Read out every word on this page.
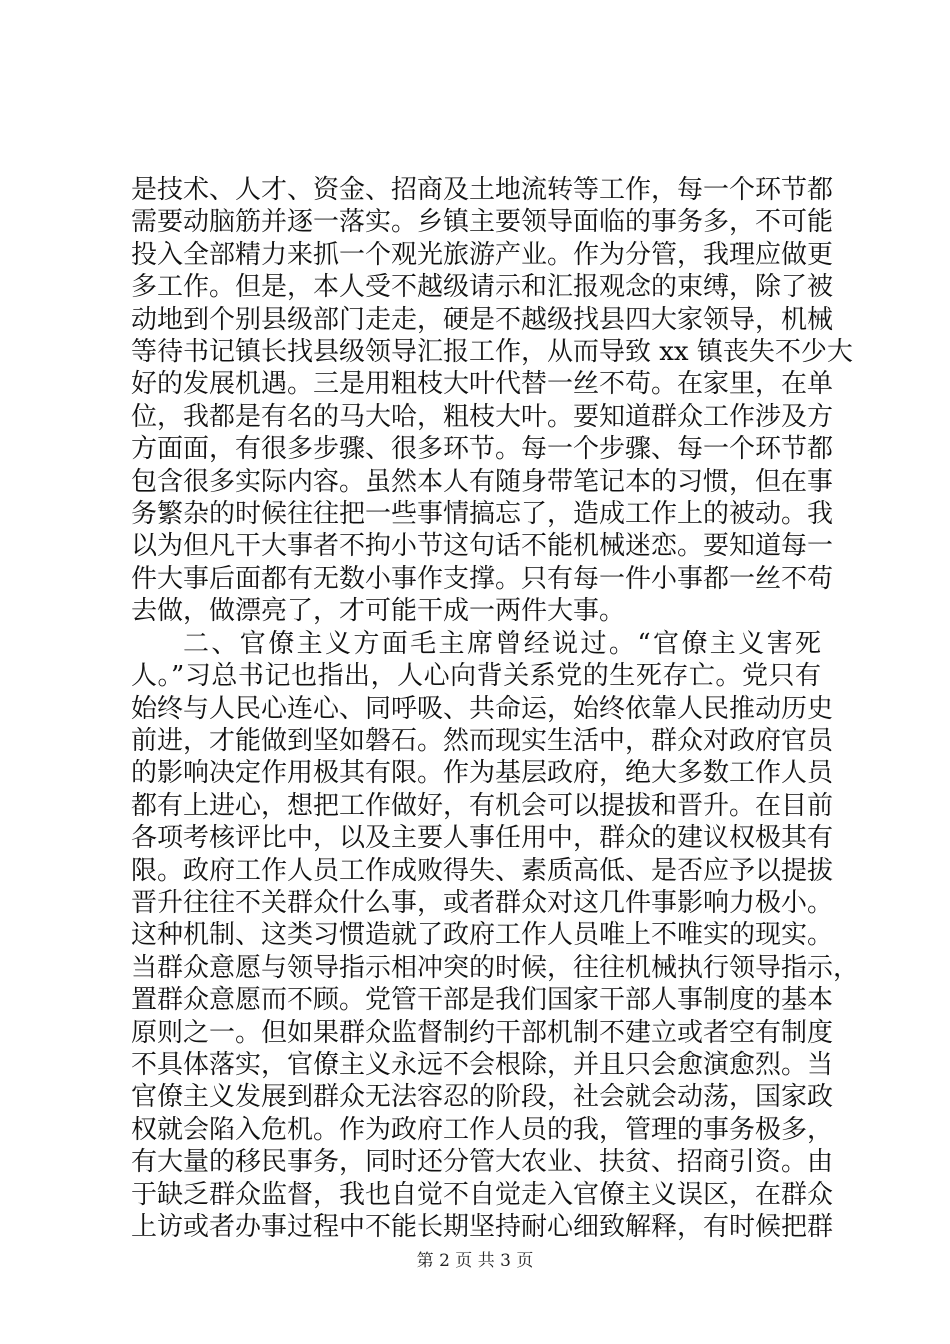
是技术、人才、资金、招商及土地流转等工作，每一个环节都
需要动脑筋并逐一落实。乡镇主要领导面临的事务多，不可能
投入全部精力来抓一个观光旅游产业。作为分管，我理应做更
多工作。但是，本人受不越级请示和汇报观念的束缚，除了被
动地到个别县级部门走走，硬是不越级找县四大家领导，机械
等待书记镇长找县级领导汇报工作，从而导致 xx 镇丧失不少大
好的发展机遇。三是用粗枝大叶代替一丝不苟。在家里，在单
位，我都是有名的马大哈，粗枝大叶。要知道群众工作涉及方
方面面，有很多步骤、很多环节。每一个步骤、每一个环节都
包含很多实际内容。虽然本人有随身带笔记本的习惯，但在事
务繁杂的时候往往把一些事情搞忘了，造成工作上的被动。我
以为但凡干大事者不拘小节这句话不能机械迷恋。要知道每一
件大事后面都有无数小事作支撑。只有每一件小事都一丝不苟
去做，做漂亮了，才可能干成一两件大事。
二、官僚主义方面毛主席曾经说过。“官僚主义害死
人。”习总书记也指出，人心向背关系党的生死存亡。党只有
始终与人民心连心、同呼吸、共命运，始终依靠人民推动历史
前进，才能做到坚如磐石。然而现实生活中，群众对政府官员
的影响决定作用极其有限。作为基层政府，绝大多数工作人员
都有上进心，想把工作做好，有机会可以提拔和晋升。在目前
各项考核评比中，以及主要人事任用中，群众的建议权极其有
限。政府工作人员工作成败得失、素质高低、是否应予以提拔
晋升往往不关群众什么事，或者群众对这几件事影响力极小。
这种机制、这类习惯造就了政府工作人员唯上不唯实的现实。
当群众意愿与领导指示相冲突的时候，往往机械执行领导指示，
置群众意愿而不顾。党管干部是我们国家干部人事制度的基本
原则之一。但如果群众监督制约干部机制不建立或者空有制度
不具体落实，官僚主义永远不会根除，并且只会愈演愈烈。当
官僚主义发展到群众无法容忍的阶段，社会就会动荡，国家政
权就会陷入危机。作为政府工作人员的我，管理的事务极多，
有大量的移民事务，同时还分管大农业、扶贫、招商引资。由
于缺乏群众监督，我也自觉不自觉走入官僚主义误区，在群众
上访或者办事过程中不能长期坚持耐心细致解释，有时候把群
第 2 页 共 3 页
